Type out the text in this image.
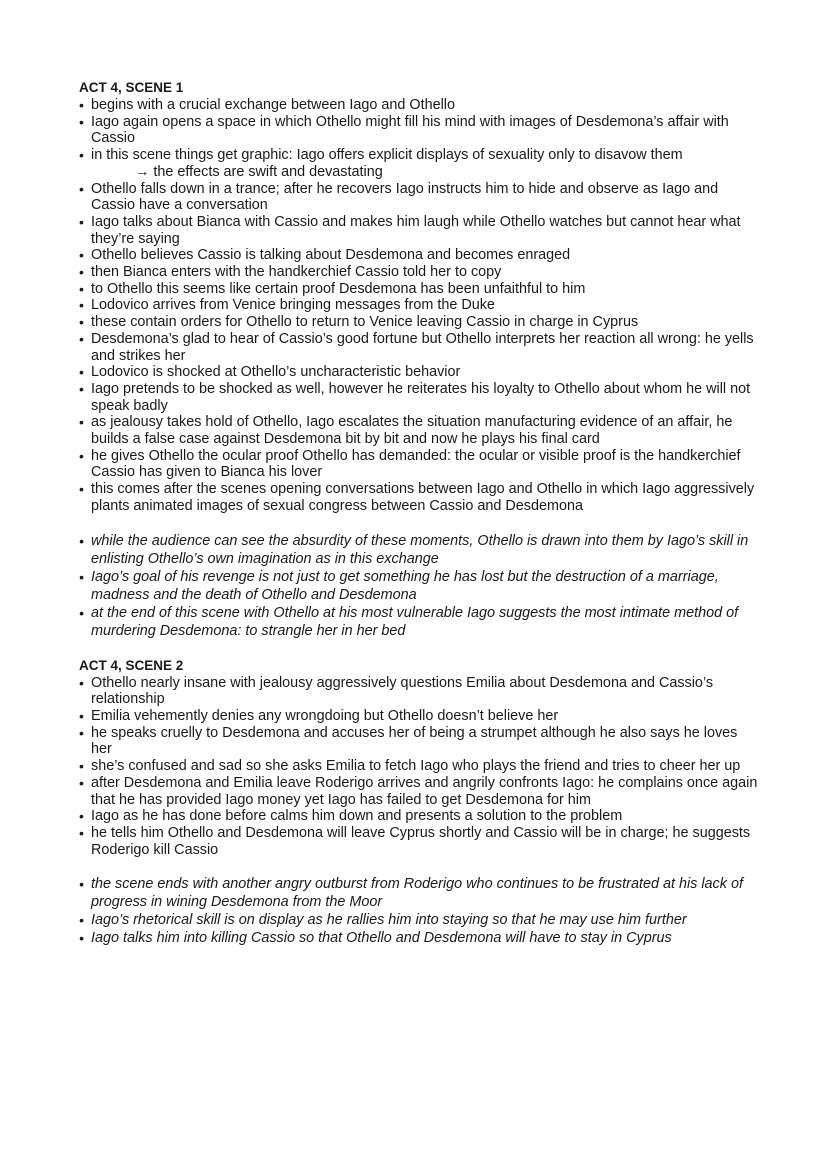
ACT 4, SCENE 1
• begins with a crucial exchange between Iago and Othello
• Iago again opens a space in which Othello might fill his mind with images of Desdemona’s affair with Cassio
• in this scene things get graphic: Iago offers explicit displays of sexuality only to disavow them
→ the effects are swift and devastating
• Othello falls down in a trance; after he recovers Iago instructs him to hide and observe as Iago and Cassio have a conversation
• Iago talks about Bianca with Cassio and makes him laugh while Othello watches but cannot hear what they’re saying
• Othello believes Cassio is talking about Desdemona and becomes enraged
• then Bianca enters with the handkerchief Cassio told her to copy
• to Othello this seems like certain proof Desdemona has been unfaithful to him
• Lodovico arrives from Venice bringing messages from the Duke
• these contain orders for Othello to return to Venice leaving Cassio in charge in Cyprus
• Desdemona’s glad to hear of Cassio’s good fortune but Othello interprets her reaction all wrong: he yells and strikes her
• Lodovico is shocked at Othello’s uncharacteristic behavior
• Iago pretends to be shocked as well, however he reiterates his loyalty to Othello about whom he will not speak badly
• as jealousy takes hold of Othello, Iago escalates the situation manufacturing evidence of an affair, he builds a false case against Desdemona bit by bit and now he plays his final card
• he gives Othello the ocular proof Othello has demanded: the ocular or visible proof is the handkerchief Cassio has given to Bianca his lover
• this comes after the scenes opening conversations between Iago and Othello in which Iago aggressively plants animated images of sexual congress between Cassio and Desdemona
• while the audience can see the absurdity of these moments, Othello is drawn into them by Iago’s skill in enlisting Othello’s own imagination as in this exchange
• Iago’s goal of his revenge is not just to get something he has lost but the destruction of a marriage, madness and the death of Othello and Desdemona
• at the end of this scene with Othello at his most vulnerable Iago suggests the most intimate method of murdering Desdemona: to strangle her in her bed
ACT 4, SCENE 2
• Othello nearly insane with jealousy aggressively questions Emilia about Desdemona and Cassio’s relationship
• Emilia vehemently denies any wrongdoing but Othello doesn’t believe her
• he speaks cruelly to Desdemona and accuses her of being a strumpet although he also says he loves her
• she’s confused and sad so she asks Emilia to fetch Iago who plays the friend and tries to cheer her up
• after Desdemona and Emilia leave Roderigo arrives and angrily confronts Iago: he complains once again that he has provided Iago money yet Iago has failed to get Desdemona for him
• Iago as he has done before calms him down and presents a solution to the problem
• he tells him Othello and Desdemona will leave Cyprus shortly and Cassio will be in charge; he suggests Roderigo kill Cassio
• the scene ends with another angry outburst from Roderigo who continues to be frustrated at his lack of progress in wining Desdemona from the Moor
• Iago’s rhetorical skill is on display as he rallies him into staying so that he may use him further
• Iago talks him into killing Cassio so that Othello and Desdemona will have to stay in Cyprus
